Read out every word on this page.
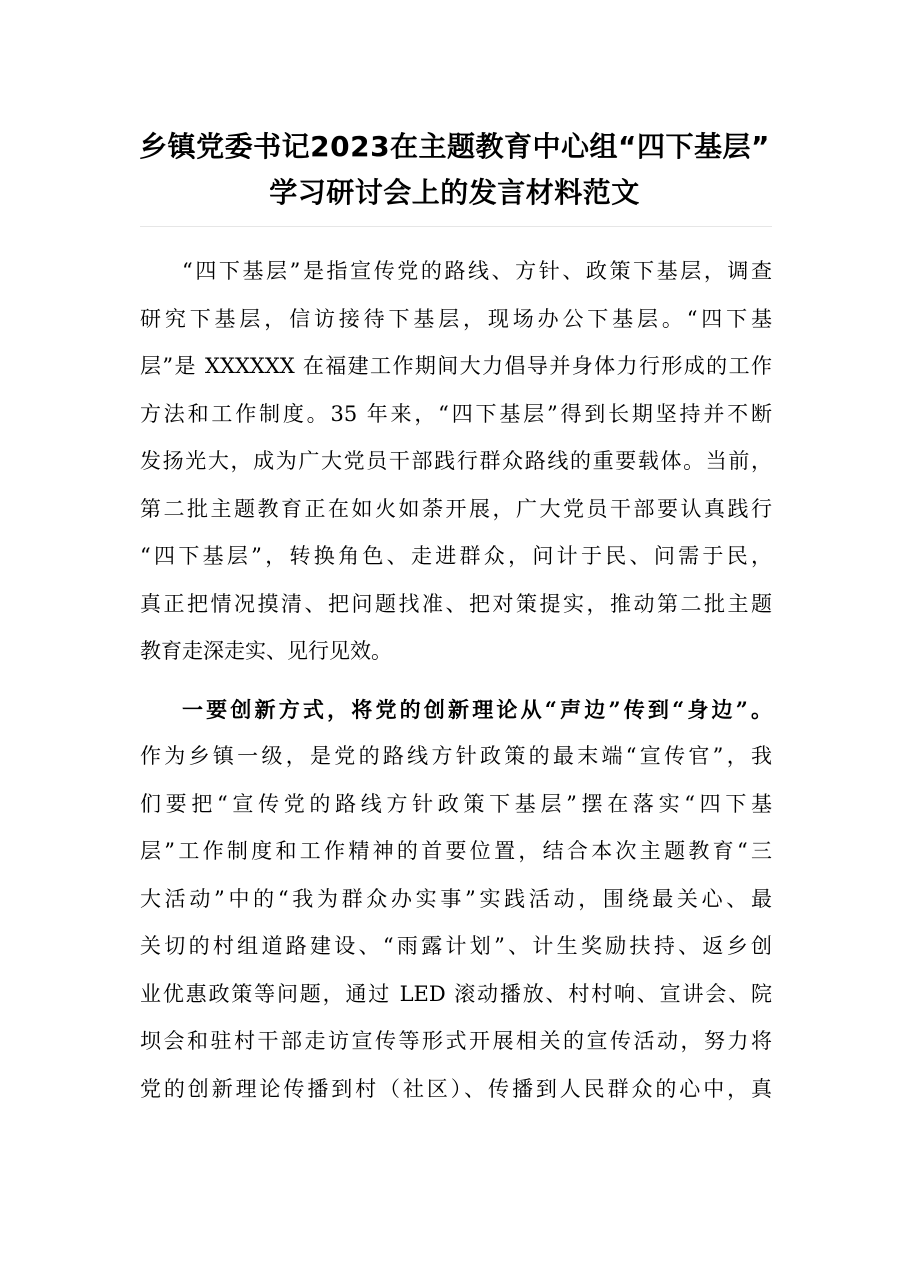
乡镇党委书记2023在主题教育中心组“四下基层”
学习研讨会上的发言材料范文
“四下基层”是指宣传党的路线、方针、政策下基层，调查
研究下基层，信访接待下基层，现场办公下基层。“四下基
层”是 XXXXXX 在福建工作期间大力倡导并身体力行形成的工作
方法和工作制度。35 年来，“四下基层”得到长期坚持并不断
发扬光大，成为广大党员干部践行群众路线的重要载体。当前，
第二批主题教育正在如火如荼开展，广大党员干部要认真践行
“四下基层”，转换角色、走进群众，问计于民、问需于民，
真正把情况摸清、把问题找准、把对策提实，推动第二批主题
教育走深走实、见行见效。
一要创新方式，将党的创新理论从“声边”传到“身边”。
作为乡镇一级，是党的路线方针政策的最末端“宣传官”，我
们要把“宣传党的路线方针政策下基层”摆在落实“四下基
层”工作制度和工作精神的首要位置，结合本次主题教育“三
大活动”中的“我为群众办实事”实践活动，围绕最关心、最
关切的村组道路建设、“雨露计划”、计生奖励扶持、返乡创
业优惠政策等问题，通过 LED 滚动播放、村村响、宣讲会、院
坝会和驻村干部走访宣传等形式开展相关的宣传活动，努力将
党的创新理论传播到村（社区）、传播到人民群众的心中，真
